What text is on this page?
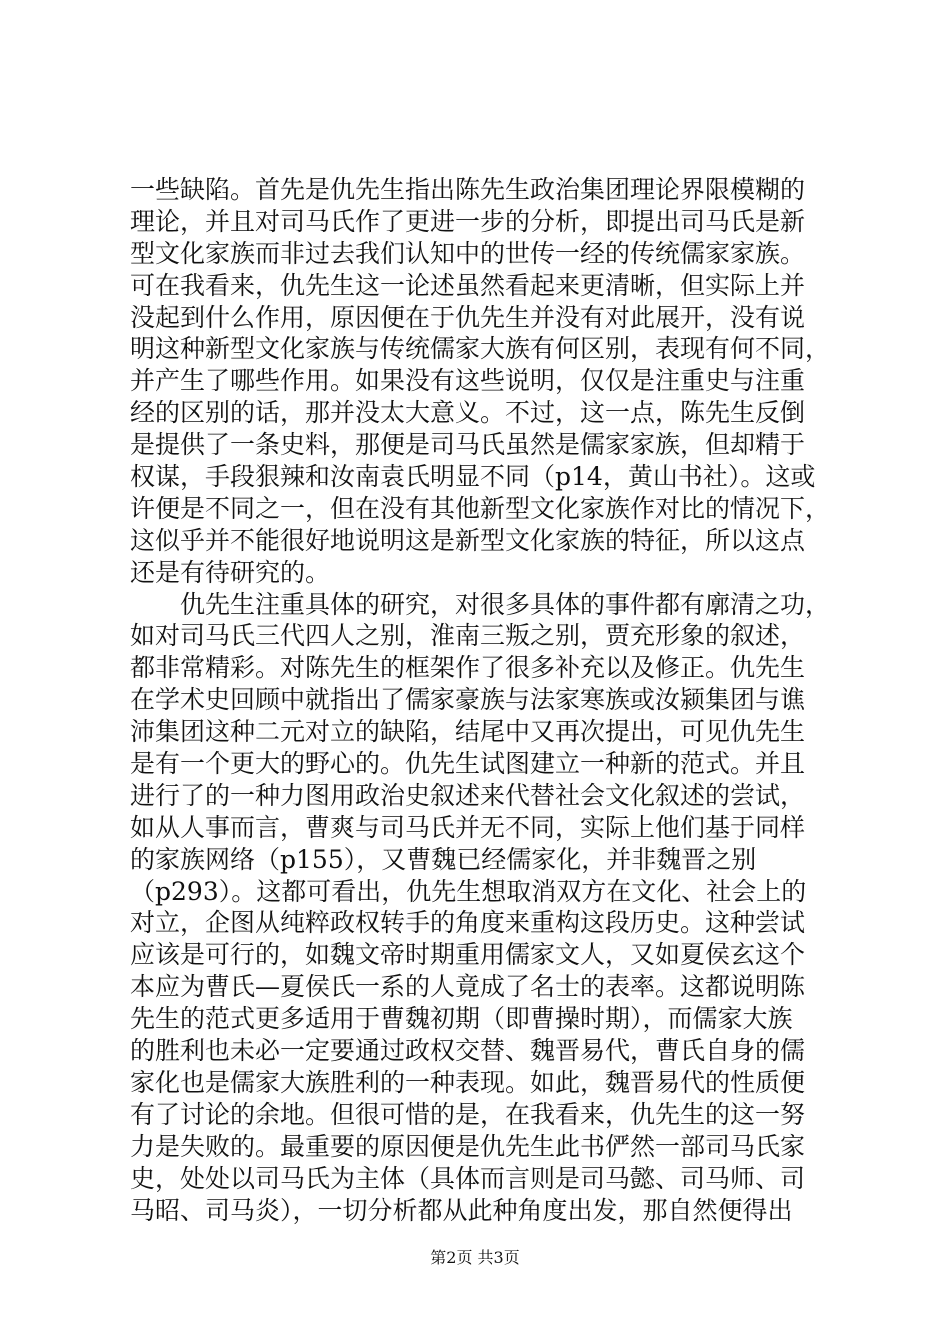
一些缺陷。首先是仇先生指出陈先生政治集团理论界限模糊的
理论，并且对司马氏作了更进一步的分析，即提出司马氏是新
型文化家族而非过去我们认知中的世传一经的传统儒家家族。
可在我看来，仇先生这一论述虽然看起来更清晰，但实际上并
没起到什么作用，原因便在于仇先生并没有对此展开，没有说
明这种新型文化家族与传统儒家大族有何区别，表现有何不同，
并产生了哪些作用。如果没有这些说明，仅仅是注重史与注重
经的区别的话，那并没太大意义。不过，这一点，陈先生反倒
是提供了一条史料，那便是司马氏虽然是儒家家族，但却精于
权谋，手段狠辣和汝南袁氏明显不同（p14，黄山书社）。这或
许便是不同之一，但在没有其他新型文化家族作对比的情况下，
这似乎并不能很好地说明这是新型文化家族的特征，所以这点
还是有待研究的。
　　仇先生注重具体的研究，对很多具体的事件都有廓清之功，
如对司马氏三代四人之别，淮南三叛之别，贾充形象的叙述，
都非常精彩。对陈先生的框架作了很多补充以及修正。仇先生
在学术史回顾中就指出了儒家豪族与法家寒族或汝颍集团与谯
沛集团这种二元对立的缺陷，结尾中又再次提出，可见仇先生
是有一个更大的野心的。仇先生试图建立一种新的范式。并且
进行了的一种力图用政治史叙述来代替社会文化叙述的尝试，
如从人事而言，曹爽与司马氏并无不同，实际上他们基于同样
的家族网络（p155），又曹魏已经儒家化，并非魏晋之别
（p293）。这都可看出，仇先生想取消双方在文化、社会上的
对立，企图从纯粹政权转手的角度来重构这段历史。这种尝试
应该是可行的，如魏文帝时期重用儒家文人，又如夏侯玄这个
本应为曹氏—夏侯氏一系的人竟成了名士的表率。这都说明陈
先生的范式更多适用于曹魏初期（即曹操时期），而儒家大族
的胜利也未必一定要通过政权交替、魏晋易代，曹氏自身的儒
家化也是儒家大族胜利的一种表现。如此，魏晋易代的性质便
有了讨论的余地。但很可惜的是，在我看来，仇先生的这一努
力是失败的。最重要的原因便是仇先生此书俨然一部司马氏家
史，处处以司马氏为主体（具体而言则是司马懿、司马师、司
马昭、司马炎），一切分析都从此种角度出发，那自然便得出
第2页 共3页
